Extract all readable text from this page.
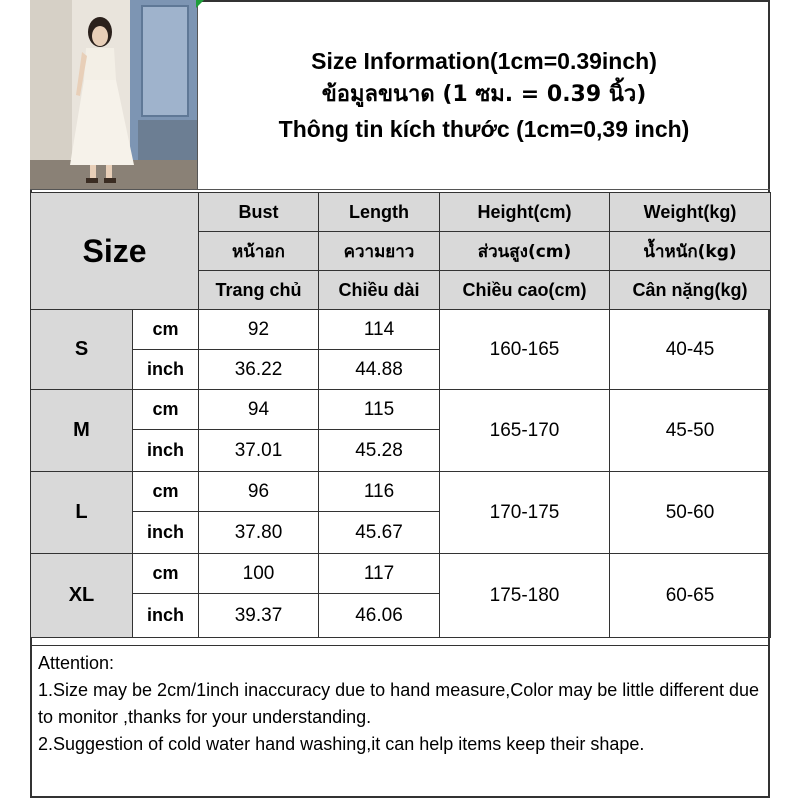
Size Information(1cm=0.39inch)
ข้อมูลขนาด (1 ซม. = 0.39 นิ้ว)
Thông tin kích thước (1cm=0,39 inch)
Size		Bust	Length	Height(cm)	Weight(kg)
		หน้าอก	ความยาว	ส่วนสูง(cm)	น้ำหนัก(kg)
		Trang chủ	Chiều dài	Chiều cao(cm)	Cân nặng(kg)
S	cm	92	114	160-165	40-45
	inch	36.22	44.88		
M	cm	94	115	165-170	45-50
	inch	37.01	45.28		
L	cm	96	116	170-175	50-60
	inch	37.80	45.67		
XL	cm	100	117	175-180	60-65
	inch	39.37	46.06		
Attention:
1.Size may be 2cm/1inch inaccuracy due to hand measure,Color may be little different due to monitor ,thanks for your understanding.
2.Suggestion of cold water hand washing,it can help items keep their shape.
